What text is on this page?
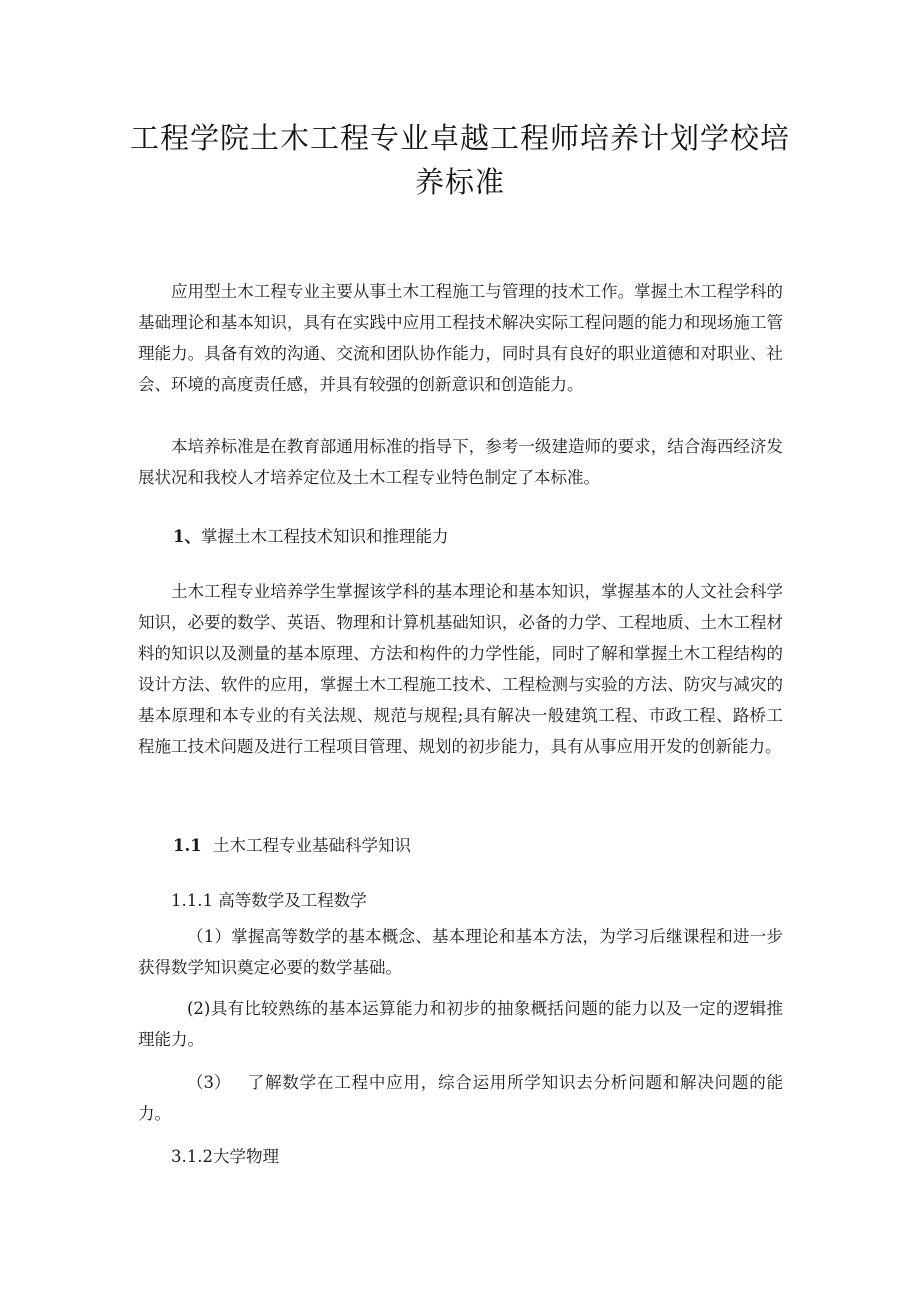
工程学院土木工程专业卓越工程师培养计划学校培养标准

应用型土木工程专业主要从事土木工程施工与管理的技术工作。掌握土木工程学科的基础理论和基本知识，具有在实践中应用工程技术解决实际工程问题的能力和现场施工管理能力。具备有效的沟通、交流和团队协作能力，同时具有良好的职业道德和对职业、社会、环境的高度责任感，并具有较强的创新意识和创造能力。

本培养标准是在教育部通用标准的指导下，参考一级建造师的要求，结合海西经济发展状况和我校人才培养定位及土木工程专业特色制定了本标准。

1、掌握土木工程技术知识和推理能力

土木工程专业培养学生掌握该学科的基本理论和基本知识，掌握基本的人文社会科学知识，必要的数学、英语、物理和计算机基础知识，必备的力学、工程地质、土木工程材料的知识以及测量的基本原理、方法和构件的力学性能，同时了解和掌握土木工程结构的设计方法、软件的应用，掌握土木工程施工技术、工程检测与实验的方法、防灾与减灾的基本原理和本专业的有关法规、规范与规程;具有解决一般建筑工程、市政工程、路桥工程施工技术问题及进行工程项目管理、规划的初步能力，具有从事应用开发的创新能力。

1.1 土木工程专业基础科学知识
1.1.1 高等数学及工程数学

（1）掌握高等数学的基本概念、基本理论和基本方法，为学习后继课程和进一步获得数学知识奠定必要的数学基础。

(2)具有比较熟练的基本运算能力和初步的抽象概括问题的能力以及一定的逻辑推理能力。

（3） 了解数学在工程中应用，综合运用所学知识去分析问题和解决问题的能力。

3.1.2大学物理
